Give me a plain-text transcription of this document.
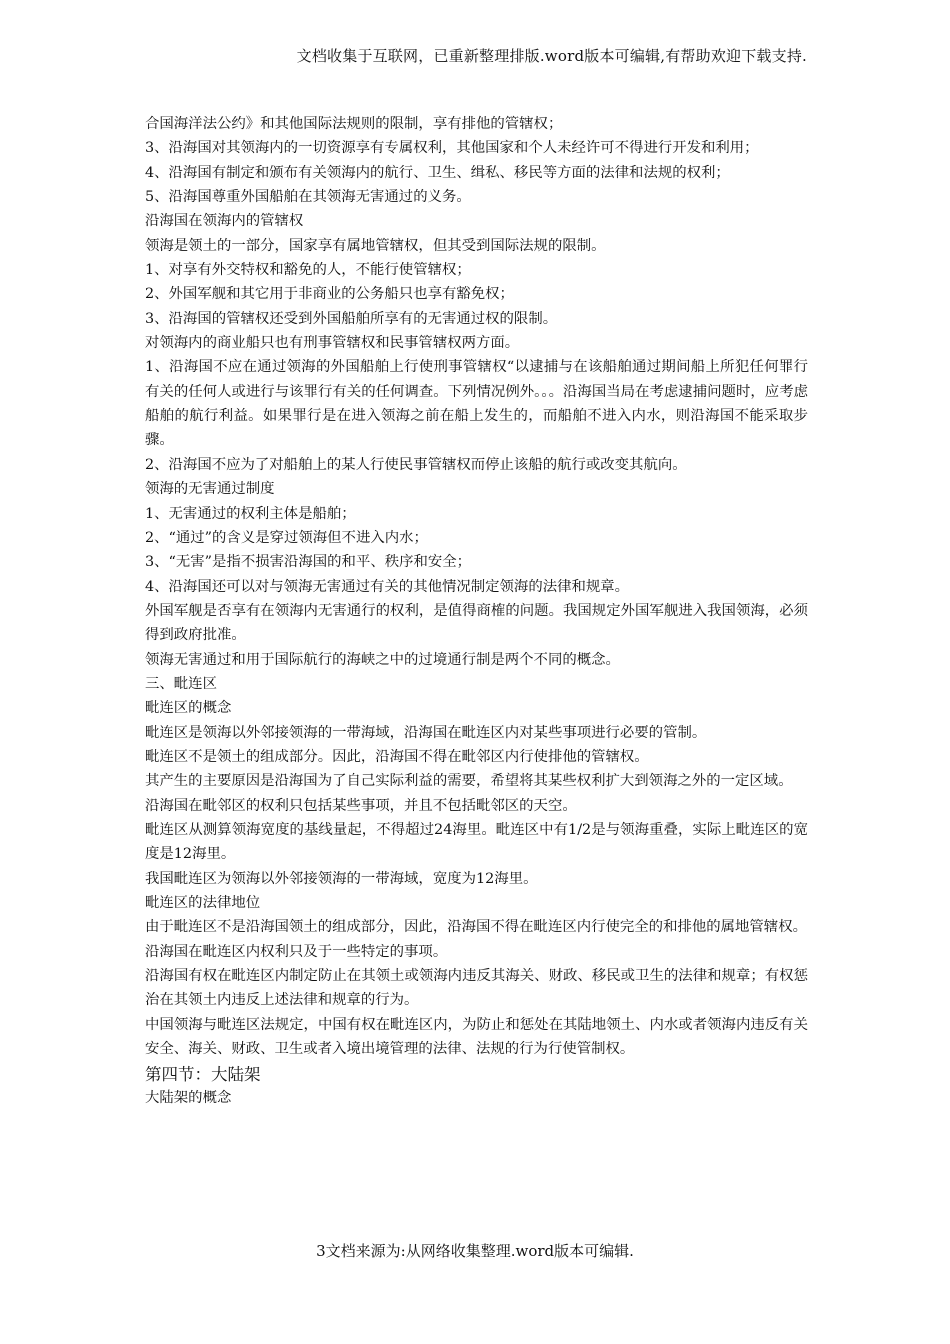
文档收集于互联网，已重新整理排版.word版本可编辑,有帮助欢迎下载支持.

合国海洋法公约》和其他国际法规则的限制，享有排他的管辖权；

3、沿海国对其领海内的一切资源享有专属权利，其他国家和个人未经许可不得进行开发和利用；

4、沿海国有制定和颁布有关领海内的航行、卫生、缉私、移民等方面的法律和法规的权利；

5、沿海国尊重外国船舶在其领海无害通过的义务。

沿海国在领海内的管辖权

领海是领土的一部分，国家享有属地管辖权，但其受到国际法规的限制。

1、对享有外交特权和豁免的人，不能行使管辖权；

2、外国军舰和其它用于非商业的公务船只也享有豁免权；

3、沿海国的管辖权还受到外国船舶所享有的无害通过权的限制。

对领海内的商业船只也有刑事管辖权和民事管辖权两方面。

1、沿海国不应在通过领海的外国船舶上行使刑事管辖权“以逮捕与在该船舶通过期间船上所犯任何罪行有关的任何人或进行与该罪行有关的任何调查。下列情况例外。。。沿海国当局在考虑逮捕问题时，应考虑船舶的航行利益。如果罪行是在进入领海之前在船上发生的，而船舶不进入内水，则沿海国不能采取步骤。

2、沿海国不应为了对船舶上的某人行使民事管辖权而停止该船的航行或改变其航向。

领海的无害通过制度

1、无害通过的权利主体是船舶；

2、“通过”的含义是穿过领海但不进入内水；

3、“无害”是指不损害沿海国的和平、秩序和安全；

4、沿海国还可以对与领海无害通过有关的其他情况制定领海的法律和规章。

外国军舰是否享有在领海内无害通行的权利，是值得商榷的问题。我国规定外国军舰进入我国领海，必须得到政府批准。

领海无害通过和用于国际航行的海峡之中的过境通行制是两个不同的概念。

三、毗连区

毗连区的概念

毗连区是领海以外邻接领海的一带海域，沿海国在毗连区内对某些事项进行必要的管制。

毗连区不是领土的组成部分。因此，沿海国不得在毗邻区内行使排他的管辖权。

其产生的主要原因是沿海国为了自己实际利益的需要，希望将其某些权利扩大到领海之外的一定区域。

沿海国在毗邻区的权利只包括某些事项，并且不包括毗邻区的天空。

毗连区从测算领海宽度的基线量起，不得超过24海里。毗连区中有1/2是与领海重叠，实际上毗连区的宽度是12海里。

我国毗连区为领海以外邻接领海的一带海域，宽度为12海里。

毗连区的法律地位

由于毗连区不是沿海国领土的组成部分，因此，沿海国不得在毗连区内行使完全的和排他的属地管辖权。

沿海国在毗连区内权利只及于一些特定的事项。

沿海国有权在毗连区内制定防止在其领土或领海内违反其海关、财政、移民或卫生的法律和规章；有权惩治在其领土内违反上述法律和规章的行为。

中国领海与毗连区法规定，中国有权在毗连区内，为防止和惩处在其陆地领土、内水或者领海内违反有关安全、海关、财政、卫生或者入境出境管理的法律、法规的行为行使管制权。

第四节：大陆架

大陆架的概念

3文档来源为:从网络收集整理.word版本可编辑.
